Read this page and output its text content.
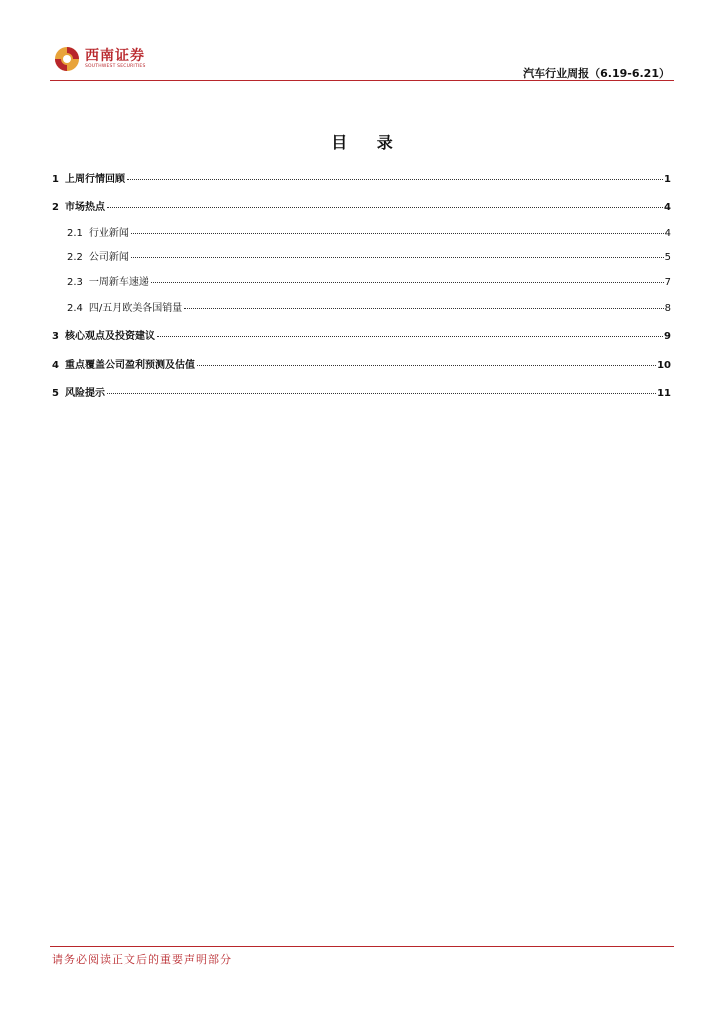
西南证券
SOUTHWEST SECURITIES
汽车行业周报（6.19-6.21）
目 录
1 上周行情回顾	1
2 市场热点	4
2.1 行业新闻	4
2.2 公司新闻	5
2.3 一周新车速递	7
2.4 四/五月欧美各国销量	8
3 核心观点及投资建议	9
4 重点覆盖公司盈利预测及估值	10
5 风险提示	11
请务必阅读正文后的重要声明部分
